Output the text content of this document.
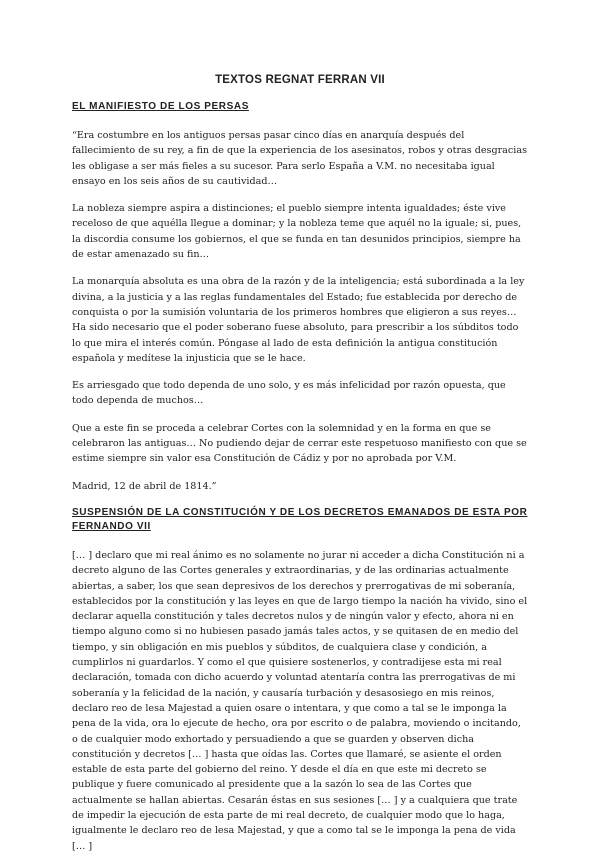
TEXTOS REGNAT FERRAN VII
EL MANIFIESTO DE LOS PERSAS

“Era costumbre en los antiguos persas pasar cinco días en anarquía después del fallecimiento de su rey, a fin de que la experiencia de los asesinatos, robos y otras desgracias les obligase a ser más fieles a su sucesor. Para serlo España a V.M. no necesitaba igual ensayo en los seis años de su cautividad…

La nobleza siempre aspira a distinciones; el pueblo siempre intenta igualdades; éste vive receloso de que aquélla llegue a dominar; y la nobleza teme que aquél no la iguale; si, pues, la discordia consume los gobiernos, el que se funda en tan desunidos principios, siempre ha de estar amenazado su fin…

La monarquía absoluta es una obra de la razón y de la inteligencia; está subordinada a la ley divina, a la justicia y a las reglas fundamentales del Estado; fue establecida por derecho de conquista o por la sumisión voluntaria de los primeros hombres que eligieron a sus reyes… Ha sido necesario que el poder soberano fuese absoluto, para prescribir a los súbditos todo lo que mira el interés común. Póngase al lado de esta definición la antigua constitución española y medítese la injusticia que se le hace.

Es arriesgado que todo dependa de uno solo, y es más infelicidad por razón opuesta, que todo dependa de muchos…

Que a este fin se proceda a celebrar Cortes con la solemnidad y en la forma en que se celebraron las antiguas… No pudiendo dejar de cerrar este respetuoso manifiesto con que se estime siempre sin valor esa Constitución de Cádiz y por no aprobada por V.M.

Madrid, 12 de abril de 1814.”

SUSPENSIÓN DE LA CONSTITUCIÓN Y DE LOS DECRETOS EMANADOS DE ESTA POR FERNANDO VII

[… ] declaro que mi real ánimo es no solamente no jurar ni acceder a dicha Constitución ni a decreto alguno de las Cortes generales y extraordinarias, y de las ordinarias actualmente abiertas, a saber, los que sean depresivos de los derechos y prerrogativas de mi soberanía, establecidos por la constitución y las leyes en que de largo tiempo la nación ha vivido, sino el declarar aquella constitución y tales decretos nulos y de ningún valor y efecto, ahora ni en tiempo alguno como si no hubiesen pasado jamás tales actos, y se quitasen de en medio del tiempo, y sin obligación en mis pueblos y súbditos, de cualquiera clase y condición, a cumplirlos ni guardarlos. Y como el que quisiere sostenerlos, y contradijese esta mi real declaración, tomada con dicho acuerdo y voluntad atentaría contra las prerrogativas de mi soberanía y la felicidad de la nación, y causaría turbación y desasosiego en mis reinos, declaro reo de lesa Majestad a quien osare o intentara, y que como a tal se le imponga la pena de la vida, ora lo ejecute de hecho, ora por escrito o de palabra, moviendo o incitando, o de cualquier modo exhortado y persuadiendo a que se guarden y observen dicha constitución y decretos [… ] hasta que oídas las. Cortes que llamaré, se asiente el orden estable de esta parte del gobierno del reino. Y desde el día en que este mi decreto se publique y fuere comunicado al presidente que a la sazón lo sea de las Cortes que actualmente se hallan abiertas. Cesarán éstas en sus sesiones [… ] y a cualquiera que trate de impedir la ejecución de esta parte de mi real decreto, de cualquier modo que lo haga, igualmente le declaro reo de lesa Majestad, y que a como tal se le imponga la pena de vida [… ]
